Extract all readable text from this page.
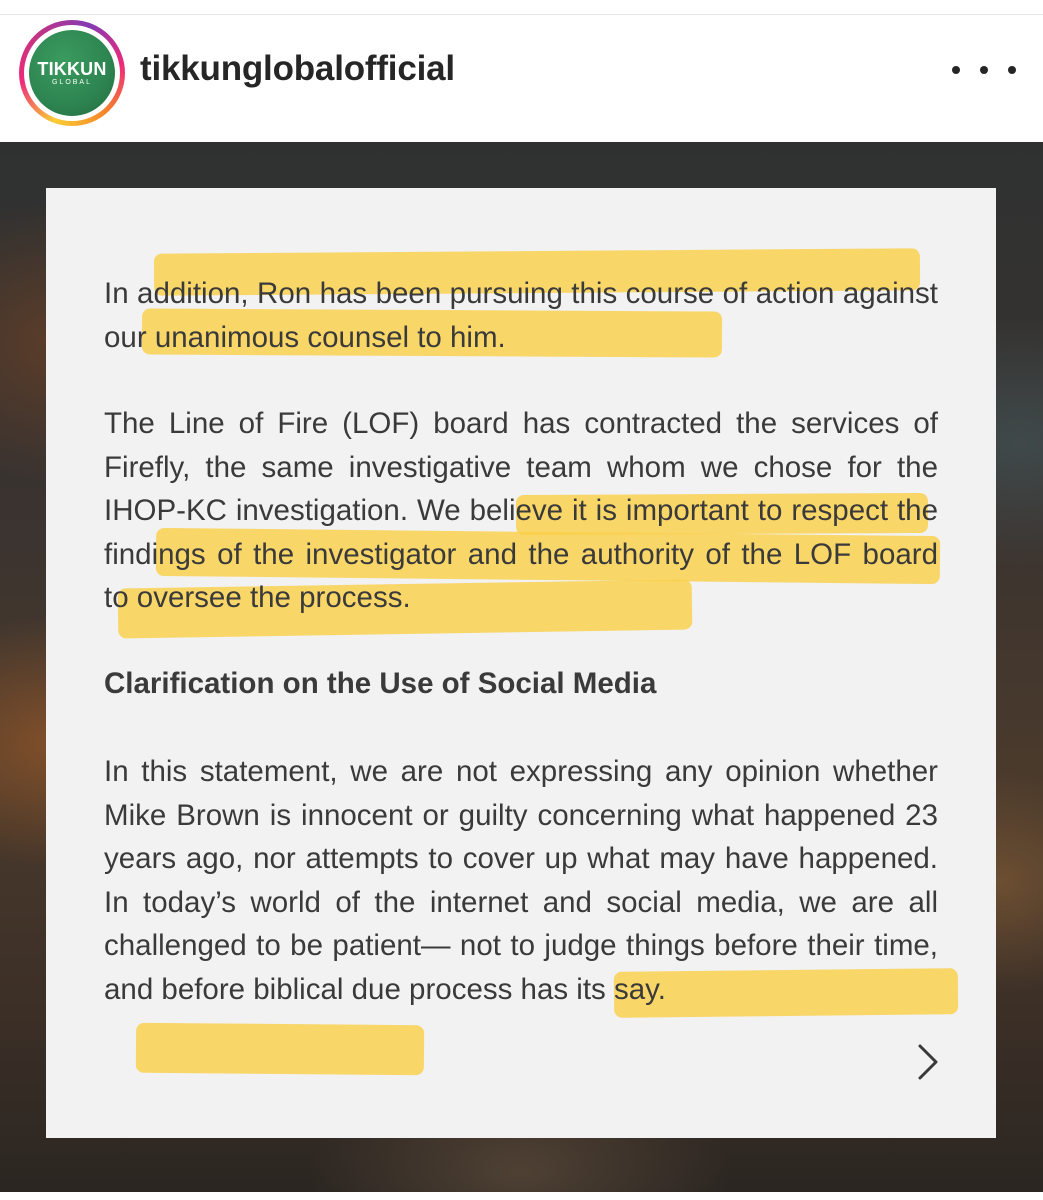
TIKKUN
GLOBAL tikkunglobalofficial

In addition, Ron has been pursuing this course of action against our unanimous counsel to him.

The Line of Fire (LOF) board has contracted the services of Firefly, the same investigative team whom we chose for the IHOP-KC investigation. We believe it is important to respect the findings of the investigator and the authority of the LOF board to oversee the process.

Clarification on the Use of Social Media

In this statement, we are not expressing any opinion whether Mike Brown is innocent or guilty concerning what happened 23 years ago, nor attempts to cover up what may have happened. In today’s world of the internet and social media, we are all challenged to be patient— not to judge things before their time, and before biblical due process has its say.
